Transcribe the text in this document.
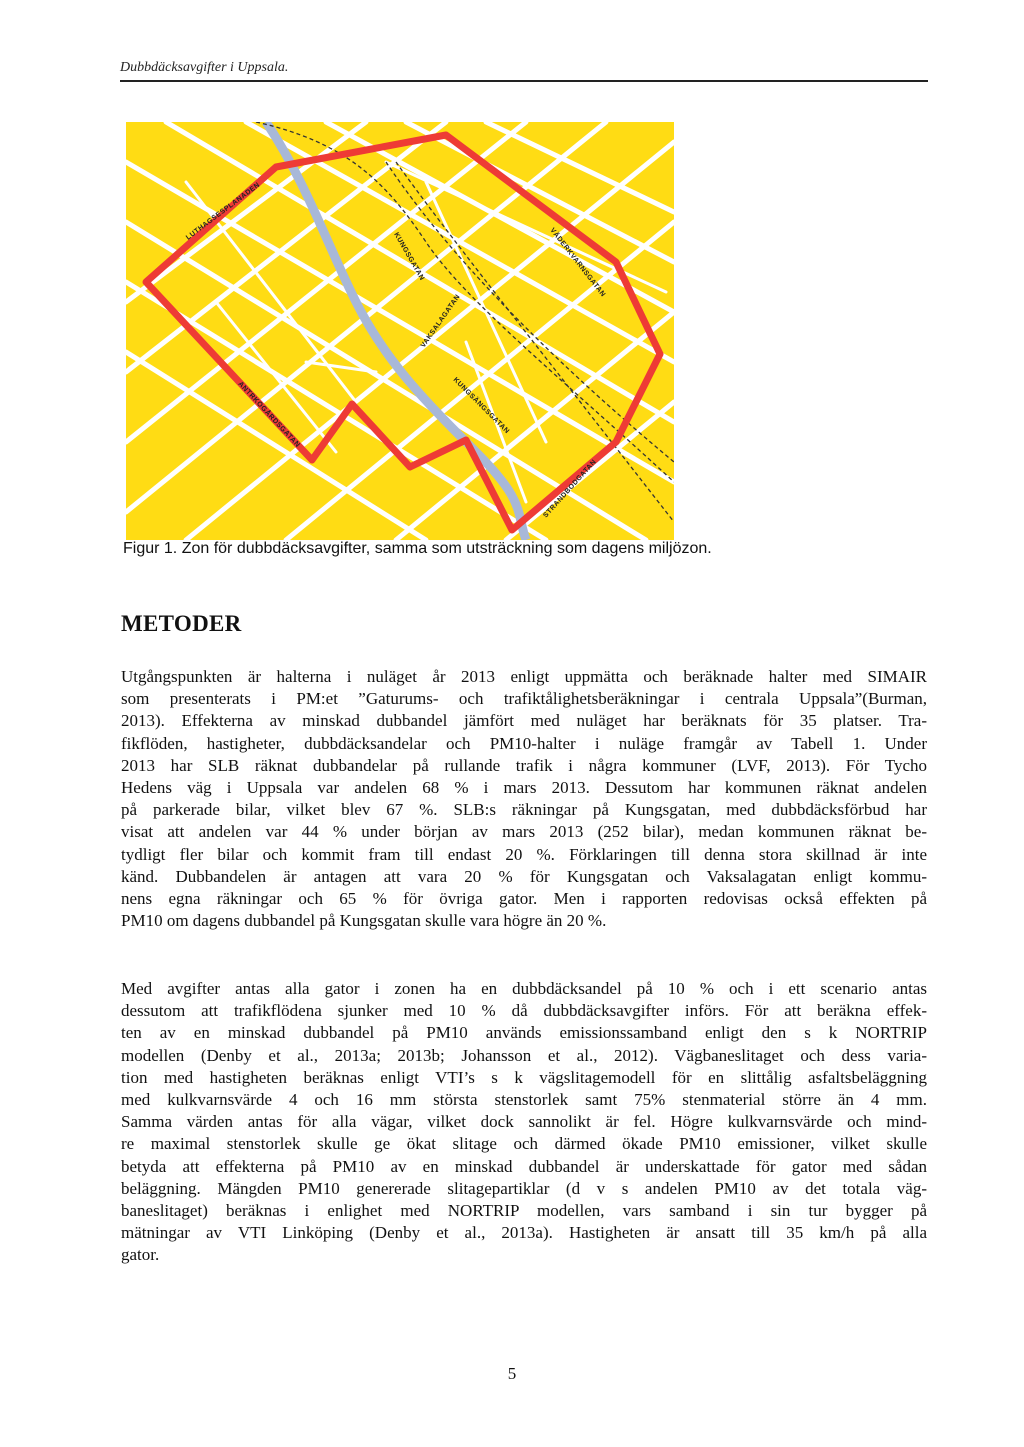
Dubbdäcksavgifter i Uppsala.
LUTHAGSESPLANADEN
KUNGSGATAN	VÄDERKVARNSGATAN
VAKSALAGATAN
KUNGSÄNGSGATAN
ANTRKOGÅRDSGATAN
STRANDBODGATAN
Figur 1. Zon för dubbdäcksavgifter, samma som utsträckning som dagens miljözon.
METODER

Utgångspunkten är halterna i nuläget år 2013 enligt uppmätta och beräknade halter med SIMAIR
som presenterats i PM:et ”Gaturums- och trafiktålighetsberäkningar i centrala Uppsala”(Burman,
2013). Effekterna av minskad dubbandel jämfört med nuläget har beräknats för 35 platser. Tra-
fikflöden, hastigheter, dubbdäcksandelar och PM10-halter i nuläge framgår av Tabell 1. Under
2013 har SLB räknat dubbandelar på rullande trafik i några kommuner (LVF, 2013). För Tycho
Hedens väg i Uppsala var andelen 68 % i mars 2013. Dessutom har kommunen räknat andelen
på parkerade bilar, vilket blev 67 %. SLB:s räkningar på Kungsgatan, med dubbdäcksförbud har
visat att andelen var 44 % under början av mars 2013 (252 bilar), medan kommunen räknat be-
tydligt fler bilar och kommit fram till endast 20 %. Förklaringen till denna stora skillnad är inte
känd. Dubbandelen är antagen att vara 20 % för Kungsgatan och Vaksalagatan enligt kommu-
nens egna räkningar och 65 % för övriga gator. Men i rapporten redovisas också effekten på
PM10 om dagens dubbandel på Kungsgatan skulle vara högre än 20 %.

Med avgifter antas alla gator i zonen ha en dubbdäcksandel på 10 % och i ett scenario antas
dessutom att trafikflödena sjunker med 10 % då dubbdäcksavgifter införs. För att beräkna effek-
ten av en minskad dubbandel på PM10 används emissionssamband enligt den s k NORTRIP
modellen (Denby et al., 2013a; 2013b; Johansson et al., 2012). Vägbaneslitaget och dess varia-
tion med hastigheten beräknas enligt VTI’s s k vägslitagemodell för en slittålig asfaltsbeläggning
med kulkvarnsvärde 4 och 16 mm största stenstorlek samt 75% stenmaterial större än 4 mm.
Samma värden antas för alla vägar, vilket dock sannolikt är fel. Högre kulkvarnsvärde och mind-
re maximal stenstorlek skulle ge ökat slitage och därmed ökade PM10 emissioner, vilket skulle
betyda att effekterna på PM10 av en minskad dubbandel är underskattade för gator med sådan
beläggning. Mängden PM10 genererade slitagepartiklar (d v s andelen PM10 av det totala väg-
baneslitaget) beräknas i enlighet med NORTRIP modellen, vars samband i sin tur bygger på
mätningar av VTI Linköping (Denby et al., 2013a). Hastigheten är ansatt till 35 km/h på alla
gator.

5
